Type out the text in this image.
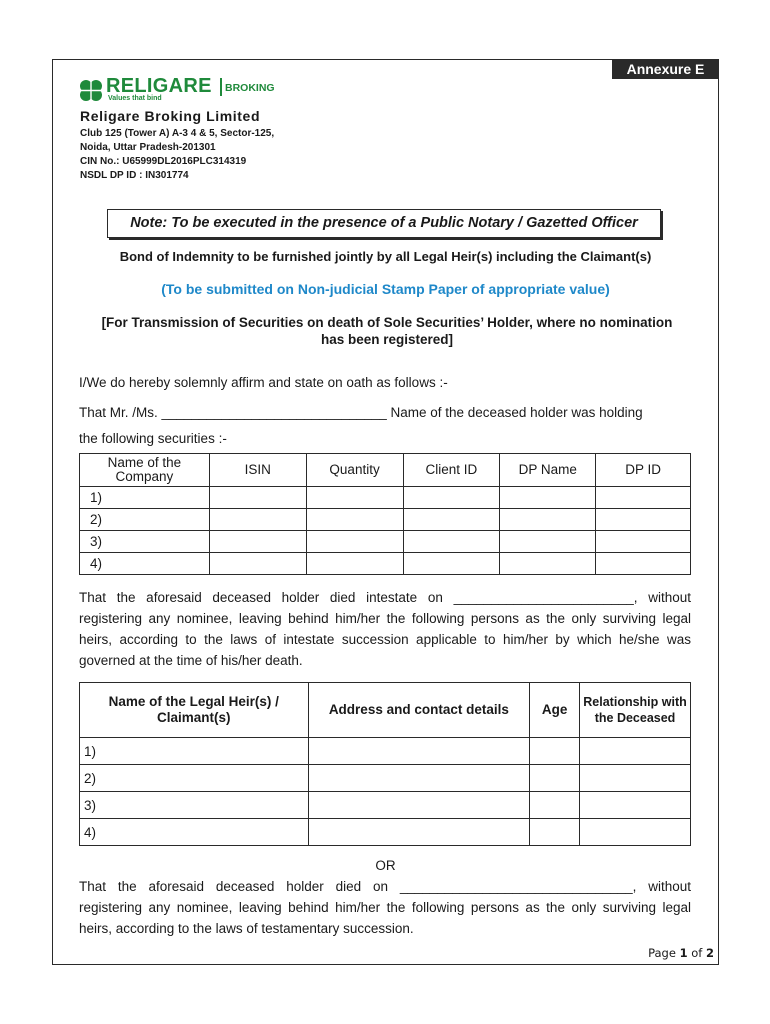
Annexure E
RELIGARE BROKING
Values that bind
Religare Broking Limited
Club 125 (Tower A) A-3 4 & 5, Sector-125,
Noida, Uttar Pradesh-201301
CIN No.: U65999DL2016PLC314319
NSDL DP ID : IN301774
Note: To be executed in the presence of a Public Notary / Gazetted Officer
Bond of Indemnity to be furnished jointly by all Legal Heir(s) including the Claimant(s)
(To be submitted on Non-judicial Stamp Paper of appropriate value)
[For Transmission of Securities on death of Sole Securities’ Holder, where no nomination has been registered]
I/We do hereby solemnly affirm and state on oath as follows :-
That Mr. /Ms. ______________________________ Name of the deceased holder was holding
the following securities :-
Name of the Company	ISIN	Quantity	Client ID	DP Name	DP ID
1)					
2)					
3)					
4)					
That the aforesaid deceased holder died intestate on ________________________, without registering any nominee, leaving behind him/her the following persons as the only surviving legal heirs, according to the laws of intestate succession applicable to him/her by which he/she was governed at the time of his/her death.
Name of the Legal Heir(s) / Claimant(s)	Address and contact details	Age	Relationship with the Deceased
1)			
2)			
3)			
4)			
OR
That the aforesaid deceased holder died on _______________________________, without registering any nominee, leaving behind him/her the following persons as the only surviving legal heirs, according to the laws of testamentary succession.
Page 1 of 2
